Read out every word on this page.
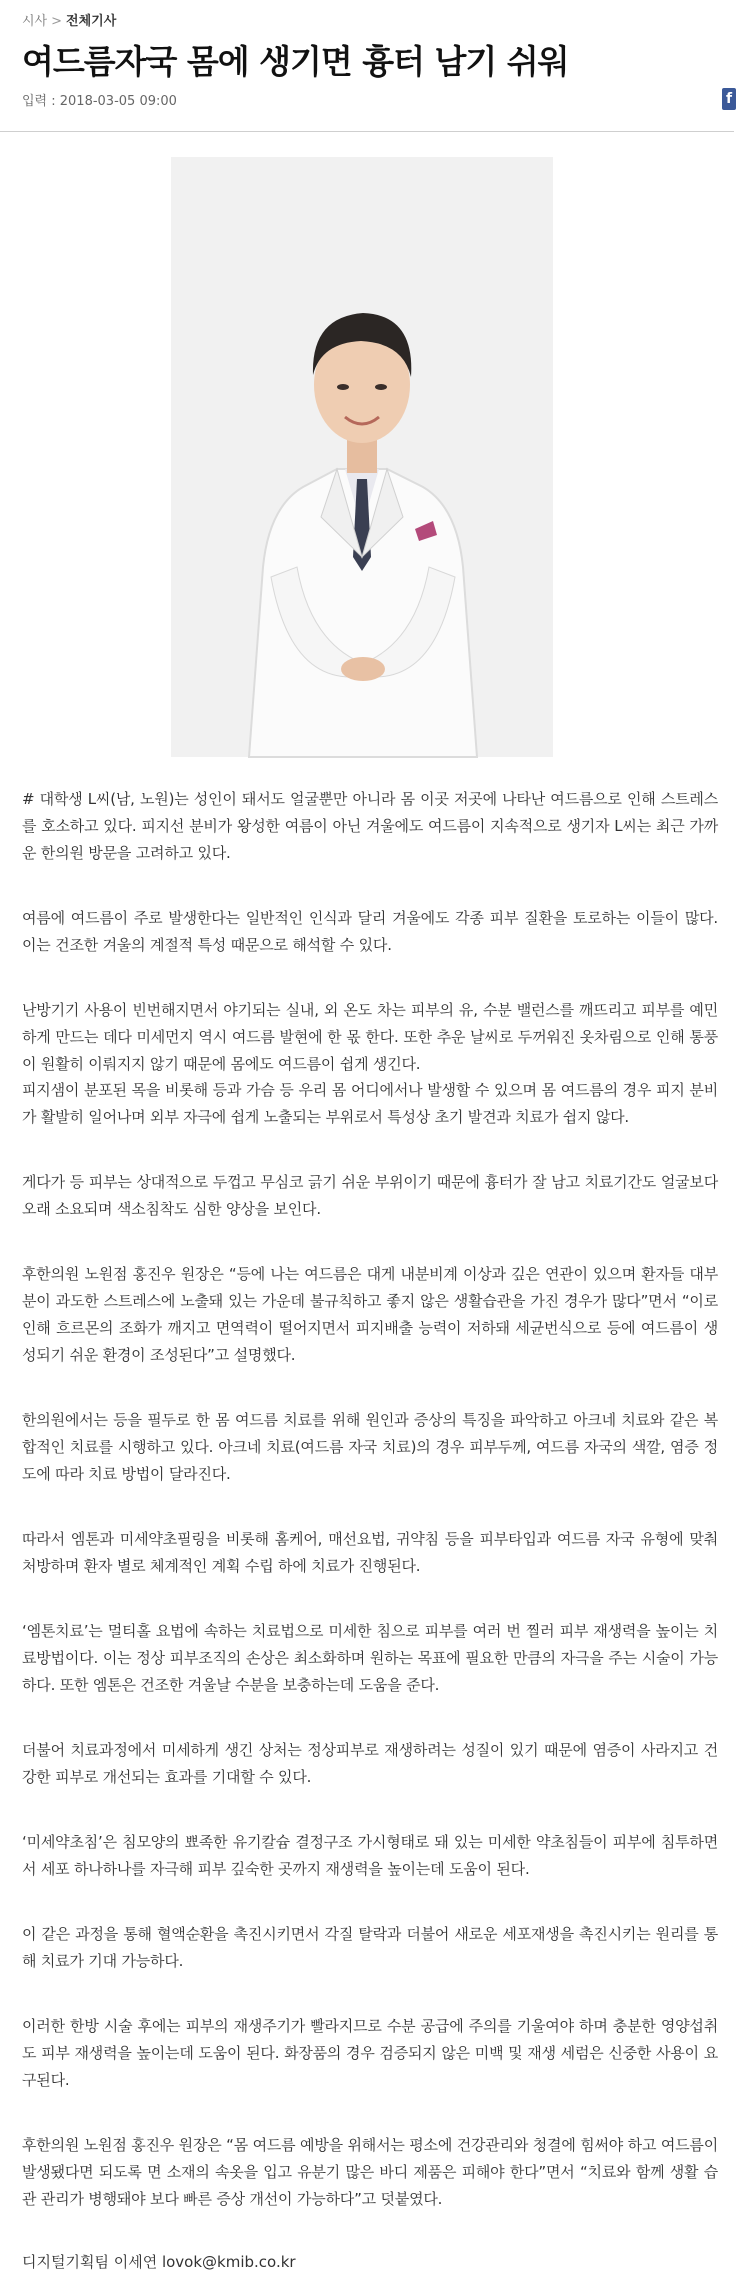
시사 > 전체기사
여드름자국 몸에 생기면 흉터 남기 쉬워
입력 : 2018-03-05 09:00	f

# 대학생 L씨(남, 노원)는 성인이 돼서도 얼굴뿐만 아니라 몸 이곳 저곳에 나타난 여드름으로 인해 스트레스를 호소하고 있다. 피지선 분비가 왕성한 여름이 아닌 겨울에도 여드름이 지속적으로 생기자 L씨는 최근 가까운 한의원 방문을 고려하고 있다.

여름에 여드름이 주로 발생한다는 일반적인 인식과 달리 겨울에도 각종 피부 질환을 토로하는 이들이 많다. 이는 건조한 겨울의 계절적 특성 때문으로 해석할 수 있다.

난방기기 사용이 빈번해지면서 야기되는 실내, 외 온도 차는 피부의 유, 수분 밸런스를 깨뜨리고 피부를 예민하게 만드는 데다 미세먼지 역시 여드름 발현에 한 몫 한다. 또한 추운 날씨로 두꺼워진 옷차림으로 인해 통풍이 원활히 이뤄지지 않기 때문에 몸에도 여드름이 쉽게 생긴다.

피지샘이 분포된 목을 비롯해 등과 가슴 등 우리 몸 어디에서나 발생할 수 있으며 몸 여드름의 경우 피지 분비가 활발히 일어나며 외부 자극에 쉽게 노출되는 부위로서 특성상 초기 발견과 치료가 쉽지 않다.

게다가 등 피부는 상대적으로 두껍고 무심코 긁기 쉬운 부위이기 때문에 흉터가 잘 남고 치료기간도 얼굴보다 오래 소요되며 색소침착도 심한 양상을 보인다.

후한의원 노원점 홍진우 원장은 “등에 나는 여드름은 대게 내분비계 이상과 깊은 연관이 있으며 환자들 대부분이 과도한 스트레스에 노출돼 있는 가운데 불규칙하고 좋지 않은 생활습관을 가진 경우가 많다”면서 “이로 인해 흐르몬의 조화가 깨지고 면역력이 떨어지면서 피지배출 능력이 저하돼 세균번식으로 등에 여드름이 생성되기 쉬운 환경이 조성된다”고 설명했다.

한의원에서는 등을 필두로 한 몸 여드름 치료를 위해 원인과 증상의 특징을 파악하고 아크네 치료와 같은 복합적인 치료를 시행하고 있다. 아크네 치료(여드름 자국 치료)의 경우 피부두께, 여드름 자국의 색깔, 염증 정도에 따라 치료 방법이 달라진다.

따라서 엠톤과 미세약초필링을 비롯해 홈케어, 매선요법, 귀약침 등을 피부타입과 여드름 자국 유형에 맞춰 처방하며 환자 별로 체계적인 계획 수립 하에 치료가 진행된다.

‘엠톤치료’는 멀티홀 요법에 속하는 치료법으로 미세한 침으로 피부를 여러 번 찔러 피부 재생력을 높이는 치료방법이다. 이는 정상 피부조직의 손상은 최소화하며 원하는 목표에 필요한 만큼의 자극을 주는 시술이 가능하다. 또한 엠톤은 건조한 겨울날 수분을 보충하는데 도움을 준다.

더불어 치료과정에서 미세하게 생긴 상처는 정상피부로 재생하려는 성질이 있기 때문에 염증이 사라지고 건강한 피부로 개선되는 효과를 기대할 수 있다.

‘미세약초침’은 침모양의 뾰족한 유기칼슘 결정구조 가시형태로 돼 있는 미세한 약초침들이 피부에 침투하면서 세포 하나하나를 자극해 피부 깊숙한 곳까지 재생력을 높이는데 도움이 된다.

이 같은 과정을 통해 혈액순환을 촉진시키면서 각질 탈락과 더불어 새로운 세포재생을 촉진시키는 원리를 통해 치료가 기대 가능하다.

이러한 한방 시술 후에는 피부의 재생주기가 빨라지므로 수분 공급에 주의를 기울여야 하며 충분한 영양섭취도 피부 재생력을 높이는데 도움이 된다. 화장품의 경우 검증되지 않은 미백 및 재생 세럼은 신중한 사용이 요구된다.

후한의원 노원점 홍진우 원장은 “몸 여드름 예방을 위해서는 평소에 건강관리와 청결에 힘써야 하고 여드름이 발생됐다면 되도록 면 소재의 속옷을 입고 유분기 많은 바디 제품은 피해야 한다”면서 “치료와 함께 생활 습관 관리가 병행돼야 보다 빠른 증상 개선이 가능하다”고 덧붙였다.

디지털기획팀 이세연 lovok@kmib.co.kr
